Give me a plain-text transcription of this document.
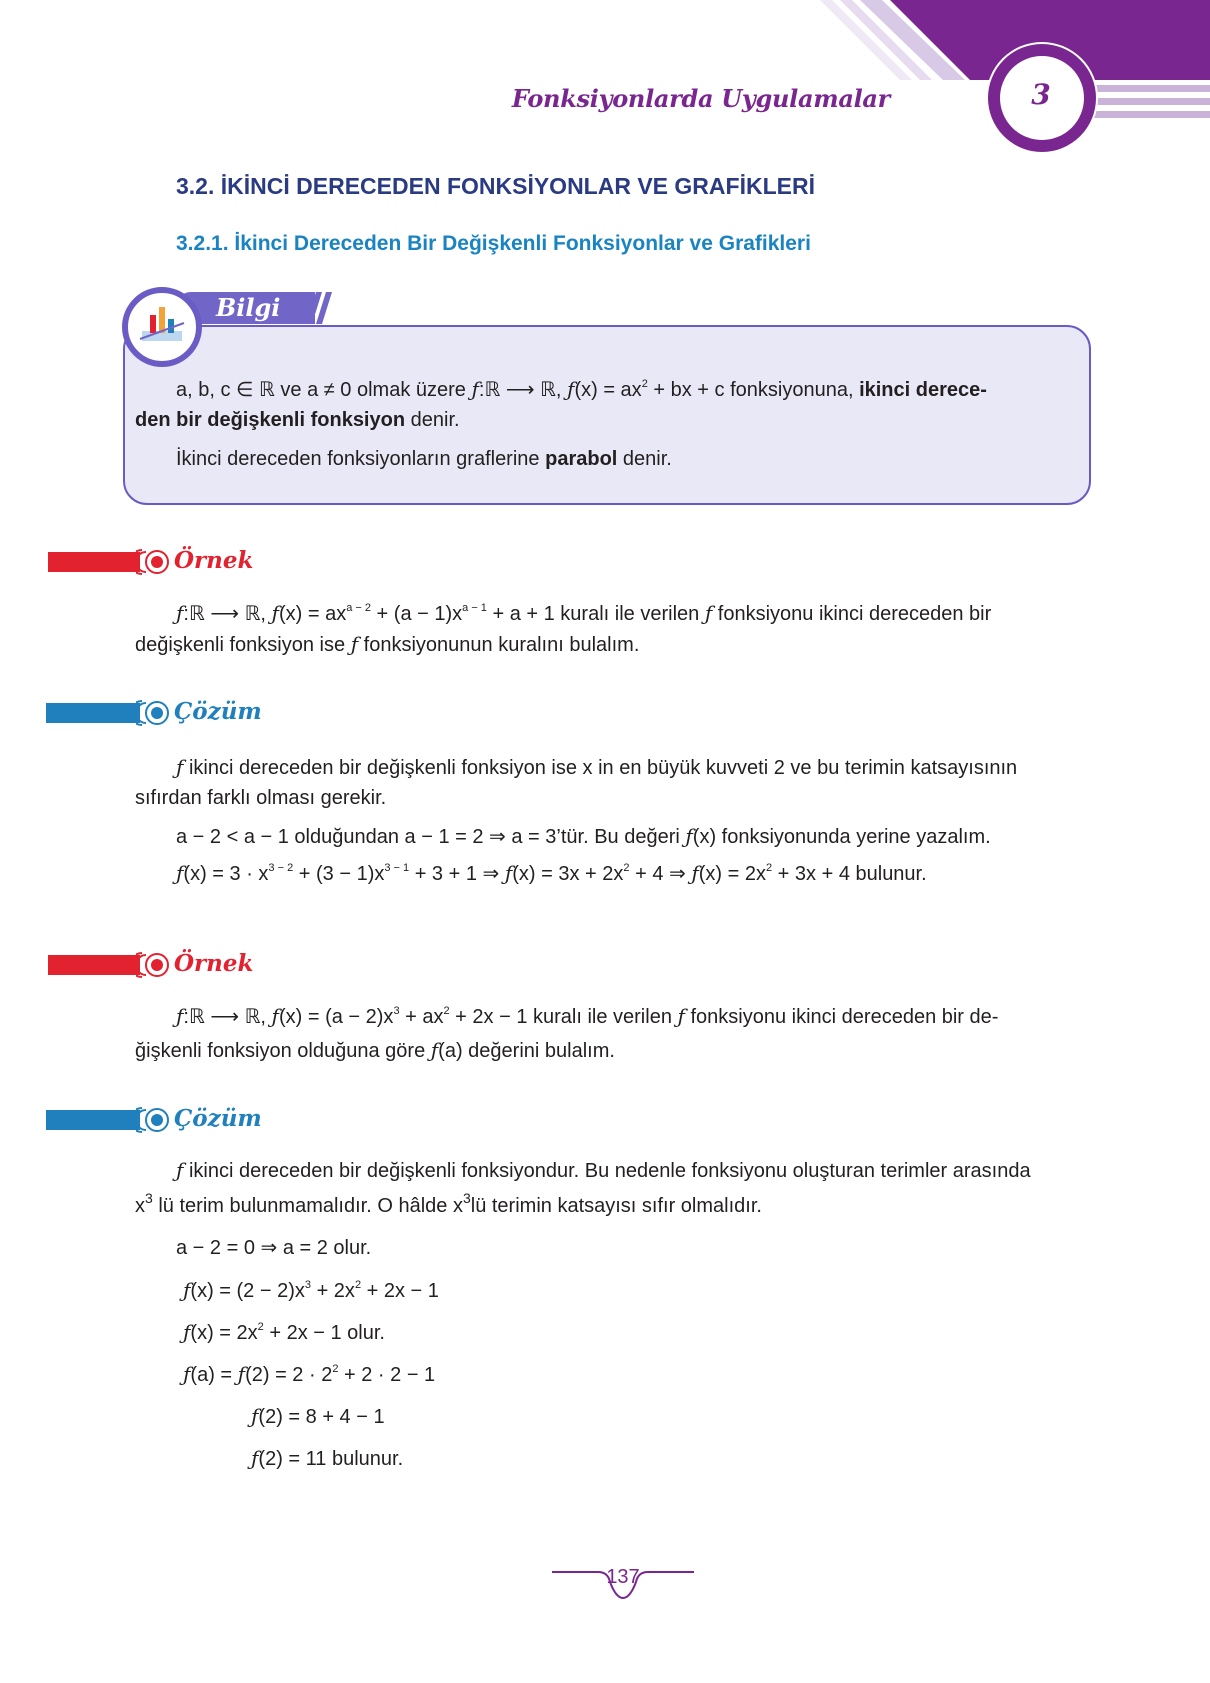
Fonksiyonlarda Uygulamalar	3
3.2. İKİNCİ DERECEDEN FONKSİYONLAR VE GRAFİKLERİ
3.2.1. İkinci Dereceden Bir Değişkenli Fonksiyonlar ve Grafikleri
Bilgi
a, b, c ∈ ℝ ve a ≠ 0 olmak üzere ƒ:ℝ ⟶ ℝ, ƒ(x) = $ax^2$ + bx + c fonksiyonuna, ikinci derece-
den bir değişkenli fonksiyon denir.
İkinci dereceden fonksiyonların graflerine parabol denir.
Örnek
ƒ:ℝ ⟶ ℝ, ƒ(x) = $ax^{a - 2} + (a - 1)x^{a - 1} + a + 1$ kuralı ile verilen ƒ fonksiyonu ikinci dereceden bir
değişkenli fonksiyon ise ƒ fonksiyonunun kuralını bulalım.
Çözüm
ƒ ikinci dereceden bir değişkenli fonksiyon ise x in en büyük kuvveti 2 ve bu terimin katsayısının
sıfırdan farklı olması gerekir.
a − 2 < a − 1 olduğundan a − 1 = 2 ⇒ a = 3’tür. Bu değeri ƒ(x) fonksiyonunda yerine yazalım.
ƒ(x) = $3 \cdot x^{3 - 2} + (3 - 1)x^{3 - 1} + 3 + 1$ ⇒ ƒ(x) = $3x + 2x^2 + 4$ ⇒ ƒ(x) = $2x^2 + 3x + 4$ bulunur.
Örnek
ƒ:ℝ ⟶ ℝ, ƒ(x) = $(a - 2)x^3 + ax^2 + 2x - 1$ kuralı ile verilen ƒ fonksiyonu ikinci dereceden bir de-
ğişkenli fonksiyon olduğuna göre ƒ(a) değerini bulalım.
Çözüm
ƒ ikinci dereceden bir değişkenli fonksiyondur. Bu nedenle fonksiyonu oluşturan terimler arasında
$x^3$ lü terim bulunmamalıdır. O hâlde $x^3lü$ terimin katsayısı sıfır olmalıdır.
a − 2 = 0 ⇒ a = 2 olur.
ƒ(x) = $(2 - 2)x^3 + 2x^2 + 2x - 1$
ƒ(x) = $2x^2 + 2x - 1$ olur.
ƒ(a) = ƒ(2) = $2 \cdot 2^2 + 2 \cdot 2 - 1$
ƒ(2) = 8 + 4 − 1
ƒ(2) = 11 bulunur.
137
